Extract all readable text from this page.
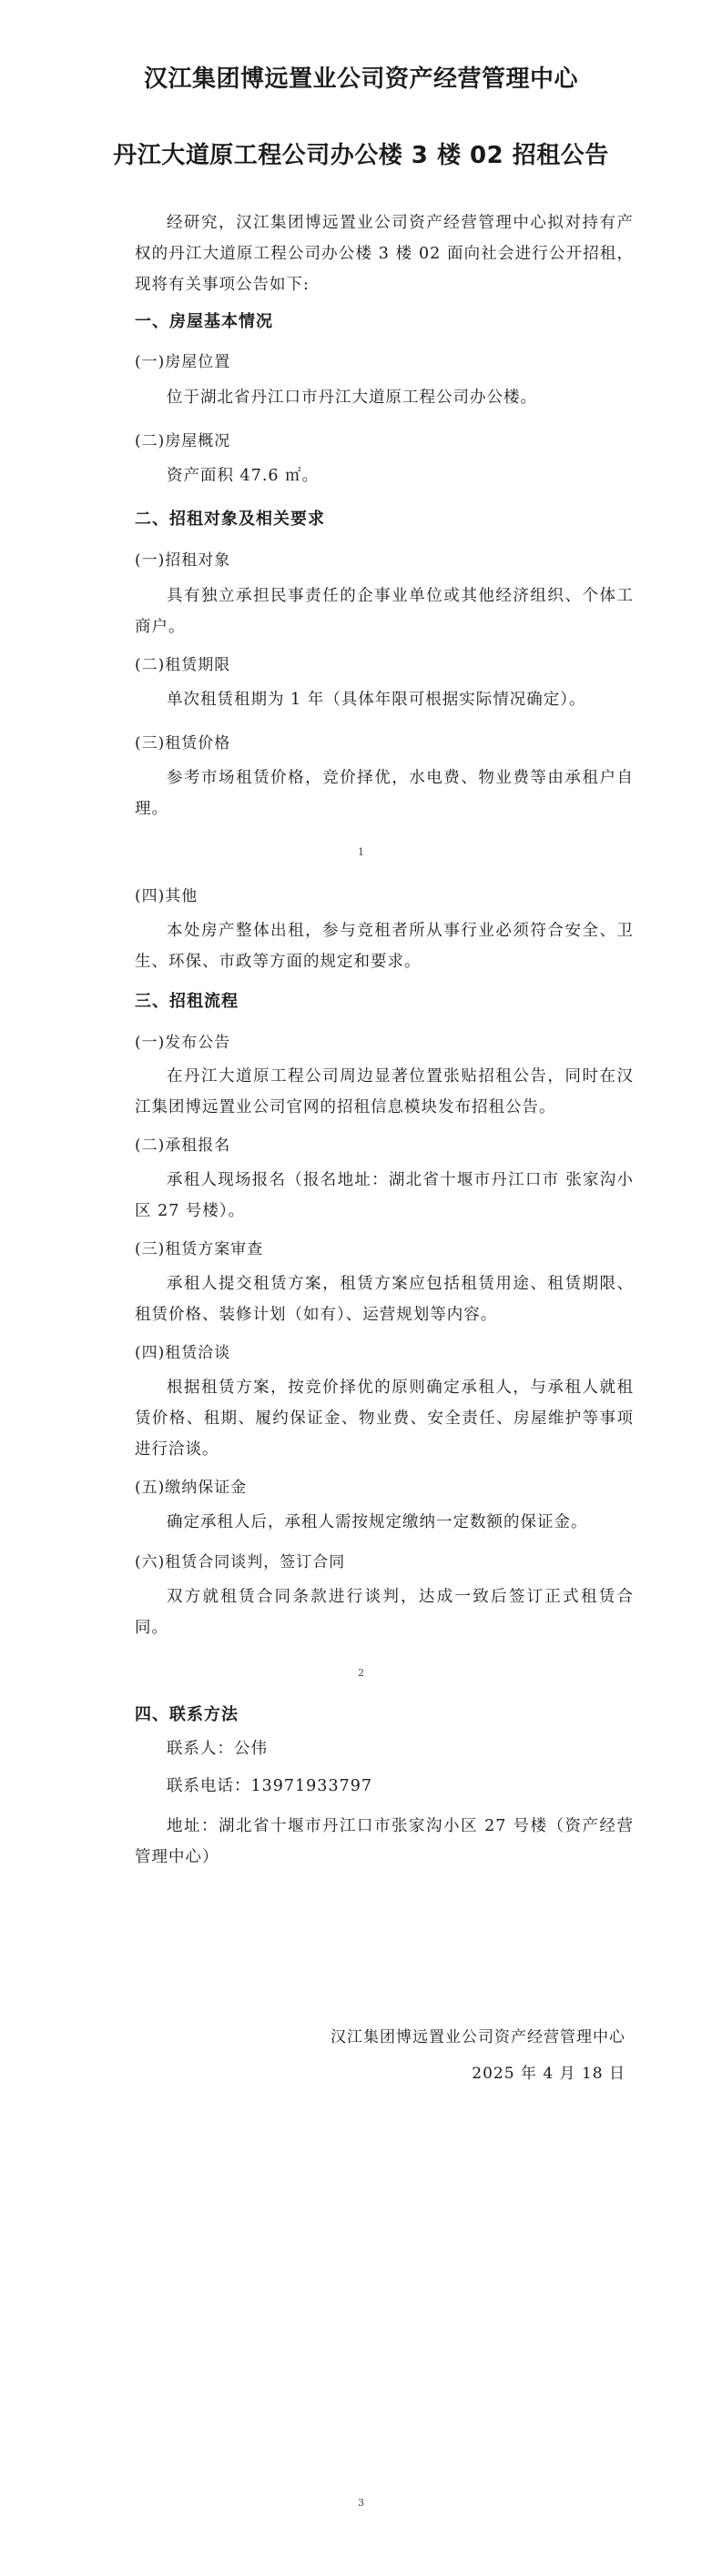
汉江集团博远置业公司资产经营管理中心
丹江大道原工程公司办公楼 3 楼 02 招租公告
经研究，汉江集团博远置业公司资产经营管理中心拟对持有产权的丹江大道原工程公司办公楼 3 楼 02 面向社会进行公开招租，现将有关事项公告如下:
一、房屋基本情况
(一)房屋位置
位于湖北省丹江口市丹江大道原工程公司办公楼。
(二)房屋概况
资产面积 47.6 ㎡。
二、招租对象及相关要求
(一)招租对象
具有独立承担民事责任的企事业单位或其他经济组织、个体工商户。
(二)租赁期限
单次租赁租期为 1 年（具体年限可根据实际情况确定）。
(三)租赁价格
参考市场租赁价格，竞价择优，水电费、物业费等由承租户自理。
1
(四)其他
本处房产整体出租，参与竞租者所从事行业必须符合安全、卫生、环保、市政等方面的规定和要求。
三、招租流程
(一)发布公告
在丹江大道原工程公司周边显著位置张贴招租公告，同时在汉江集团博远置业公司官网的招租信息模块发布招租公告。
(二)承租报名
承租人现场报名（报名地址：湖北省十堰市丹江口市 张家沟小区 27 号楼）。
(三)租赁方案审查
承租人提交租赁方案，租赁方案应包括租赁用途、租赁期限、租赁价格、装修计划（如有）、运营规划等内容。
(四)租赁洽谈
根据租赁方案，按竞价择优的原则确定承租人，与承租人就租赁价格、租期、履约保证金、物业费、安全责任、房屋维护等事项进行洽谈。
(五)缴纳保证金
确定承租人后，承租人需按规定缴纳一定数额的保证金。
(六)租赁合同谈判，签订合同
双方就租赁合同条款进行谈判，达成一致后签订正式租赁合同。
2
四、联系方法
联系人：公伟
联系电话：13971933797
地址：湖北省十堰市丹江口市张家沟小区 27 号楼（资产经营管理中心）
汉江集团博远置业公司资产经营管理中心
2025 年 4 月 18 日
3
